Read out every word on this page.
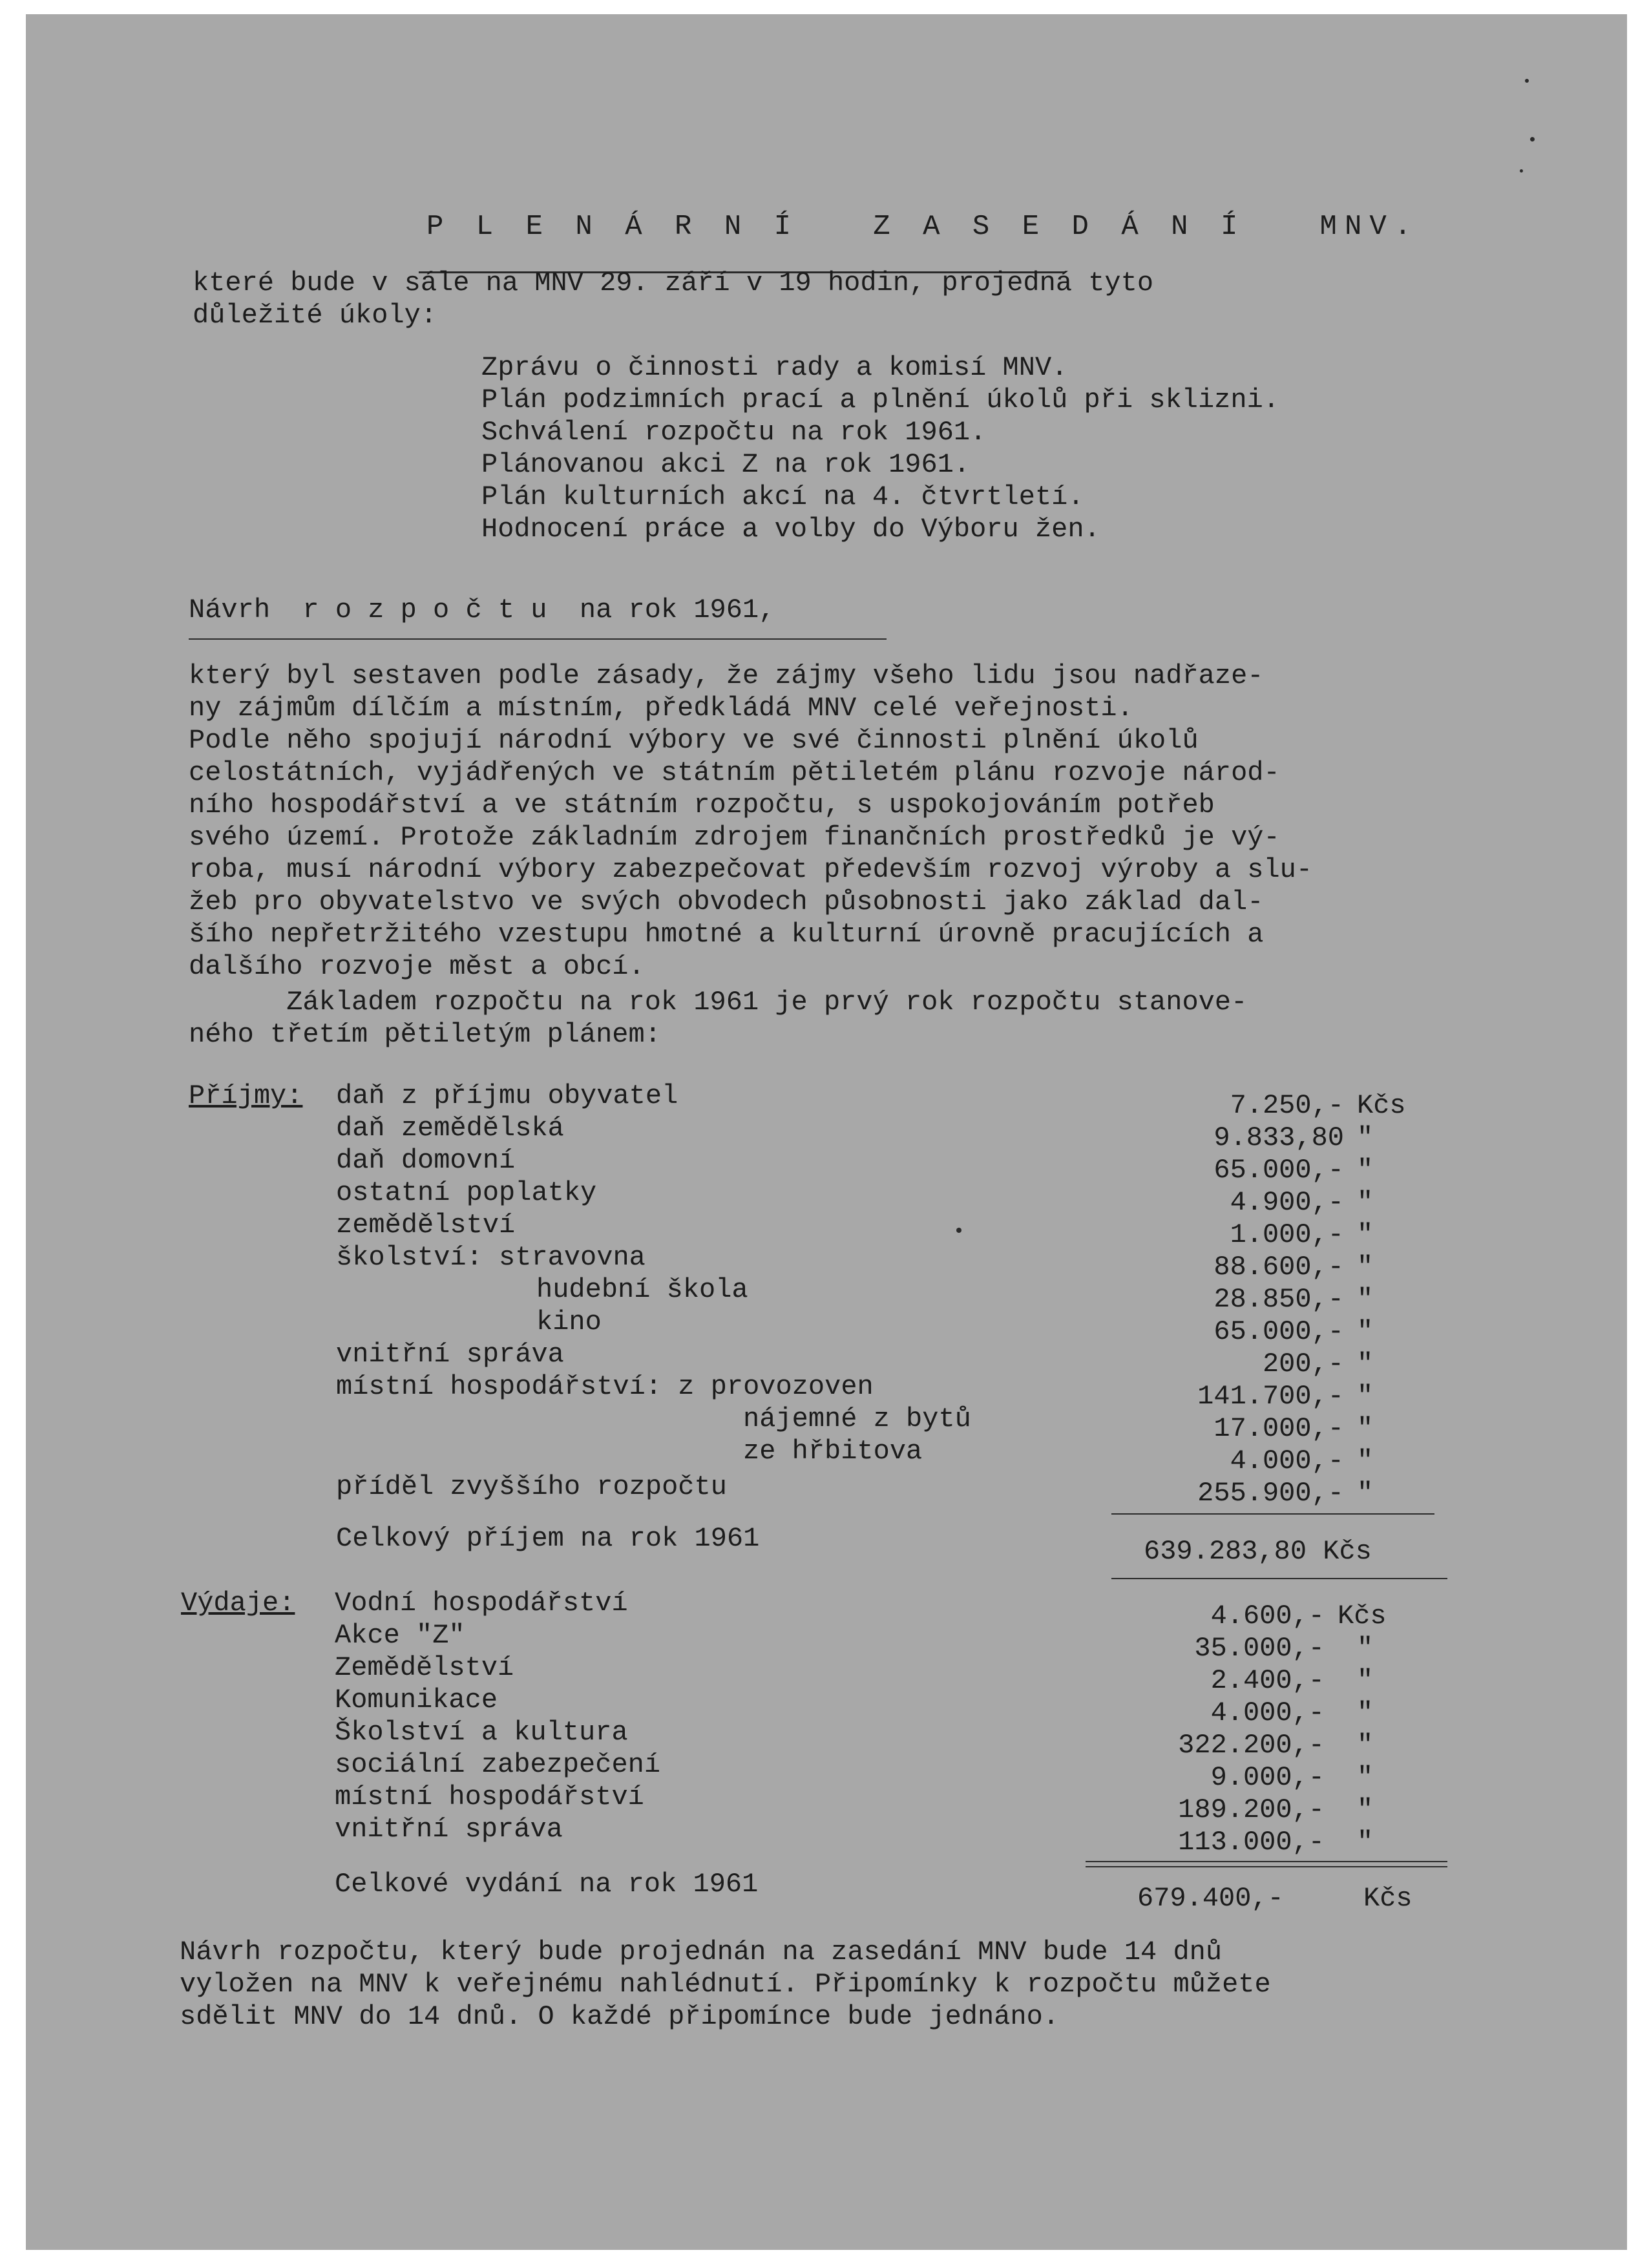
P L E N Á R N Í   Z A S E D Á N Í   MNV.
které bude v sále na MNV 29. září v 19 hodin, projedná tyto
důležité úkoly:
Zprávu o činnosti rady a komisí MNV.
Plán podzimních prací a plnění úkolů při sklizni.
Schválení rozpočtu na rok 1961.
Plánovanou akci Z na rok 1961.
Plán kulturních akcí na 4. čtvrtletí.
Hodnocení práce a volby do Výboru žen.
Návrh  r o z p o č t u  na rok 1961,
který byl sestaven podle zásady, že zájmy všeho lidu jsou nadřaze-
ny zájmům dílčím a místním, předkládá MNV celé veřejnosti.
Podle něho spojují národní výbory ve své činnosti plnění úkolů
celostátních, vyjádřených ve státním pětiletém plánu rozvoje národ-
ního hospodářství a ve státním rozpočtu, s uspokojováním potřeb
svého území. Protože základním zdrojem finančních prostředků je vý-
roba, musí národní výbory zabezpečovat především rozvoj výroby a slu-
žeb pro obyvatelstvo ve svých obvodech působnosti jako základ dal-
šího nepřetržitého vzestupu hmotné a kulturní úrovně pracujících a
dalšího rozvoje měst a obcí.
Základem rozpočtu na rok 1961 je prvý rok rozpočtu stanove-
ného třetím pětiletým plánem:
Příjmy: daň z příjmu obyvatel	7.250,- Kčs
daň zemědělská	9.833,80 "
daň domovní	65.000,- "
ostatní poplatky	4.900,- "
zemědělství	1.000,- "
školství: stravovna	88.600,- "
hudební škola	28.850,- "
kino	65.000,- "
vnitřní správa	200,- "
místní hospodářství: z provozoven	141.700,- "
nájemné z bytů	17.000,- "
ze hřbitova	4.000,- "
příděl zvyššího rozpočtu	255.900,- "
Celkový příjem na rok 1961	639.283,80 Kčs
Výdaje: Vodní hospodářství	4.600,- Kčs
Akce "Z"	35.000,- "
Zemědělství	2.400,- "
Komunikace	4.000,- "
Školství a kultura	322.200,- "
sociální zabezpečení	9.000,- "
místní hospodářství	189.200,- "
vnitřní správa	113.000,- "
Celkové vydání na rok 1961	679.400,-	Kčs
Návrh rozpočtu, který bude projednán na zasedání MNV bude 14 dnů
vyložen na MNV k veřejnému nahlédnutí. Připomínky k rozpočtu můžete
sdělit MNV do 14 dnů. O každé připomínce bude jednáno.
